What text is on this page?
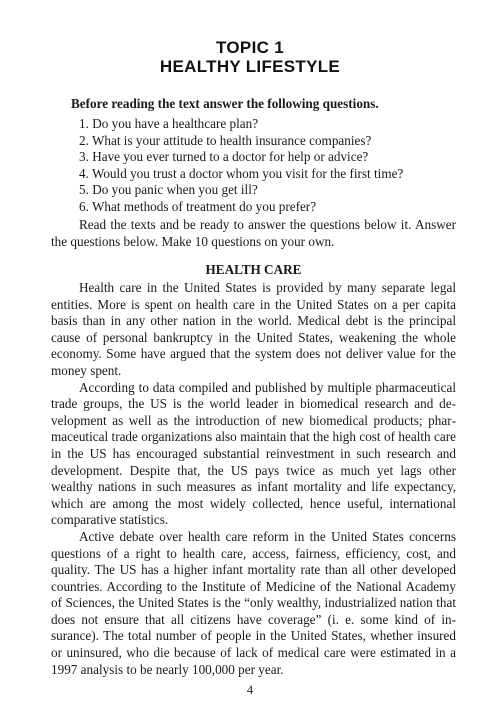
TOPIC 1
HEALTHY LIFESTYLE
Before reading the text answer the following questions.
1. Do you have a healthcare plan?
2. What is your attitude to health insurance companies?
3. Have you ever turned to a doctor for help or advice?
4. Would you trust a doctor whom you visit for the first time?
5. Do you panic when you get ill?
6. What methods of treatment do you prefer?
Read the texts and be ready to answer the questions below it. Answer the questions below. Make 10 questions on your own.
HEALTH CARE

Health care in the United States is provided by many separate legal entities. More is spent on health care in the United States on a per capita basis than in any other nation in the world. Medical debt is the principal cause of personal bankruptcy in the United States, weakening the whole economy. Some have argued that the system does not deliver value for the money spent.

According to data compiled and published by multiple pharmaceutical trade groups, the US is the world leader in biomedical research and development as well as the introduction of new biomedical products; pharmaceutical trade organizations also maintain that the high cost of health care in the US has encouraged substantial reinvestment in such research and development. Despite that, the US pays twice as much yet lags other wealthy nations in such measures as infant mortality and life expectancy, which are among the most widely collected, hence useful, international comparative statistics.

Active debate over health care reform in the United States concerns questions of a right to health care, access, fairness, efficiency, cost, and quality. The US has a higher infant mortality rate than all other developed countries. According to the Institute of Medicine of the National Academy of Sciences, the United States is the “only wealthy, industrialized nation that does not ensure that all citizens have coverage” (i. e. some kind of insurance). The total number of people in the United States, whether insured or uninsured, who die because of lack of medical care were estimated in a 1997 analysis to be nearly 100,000 per year.

4
